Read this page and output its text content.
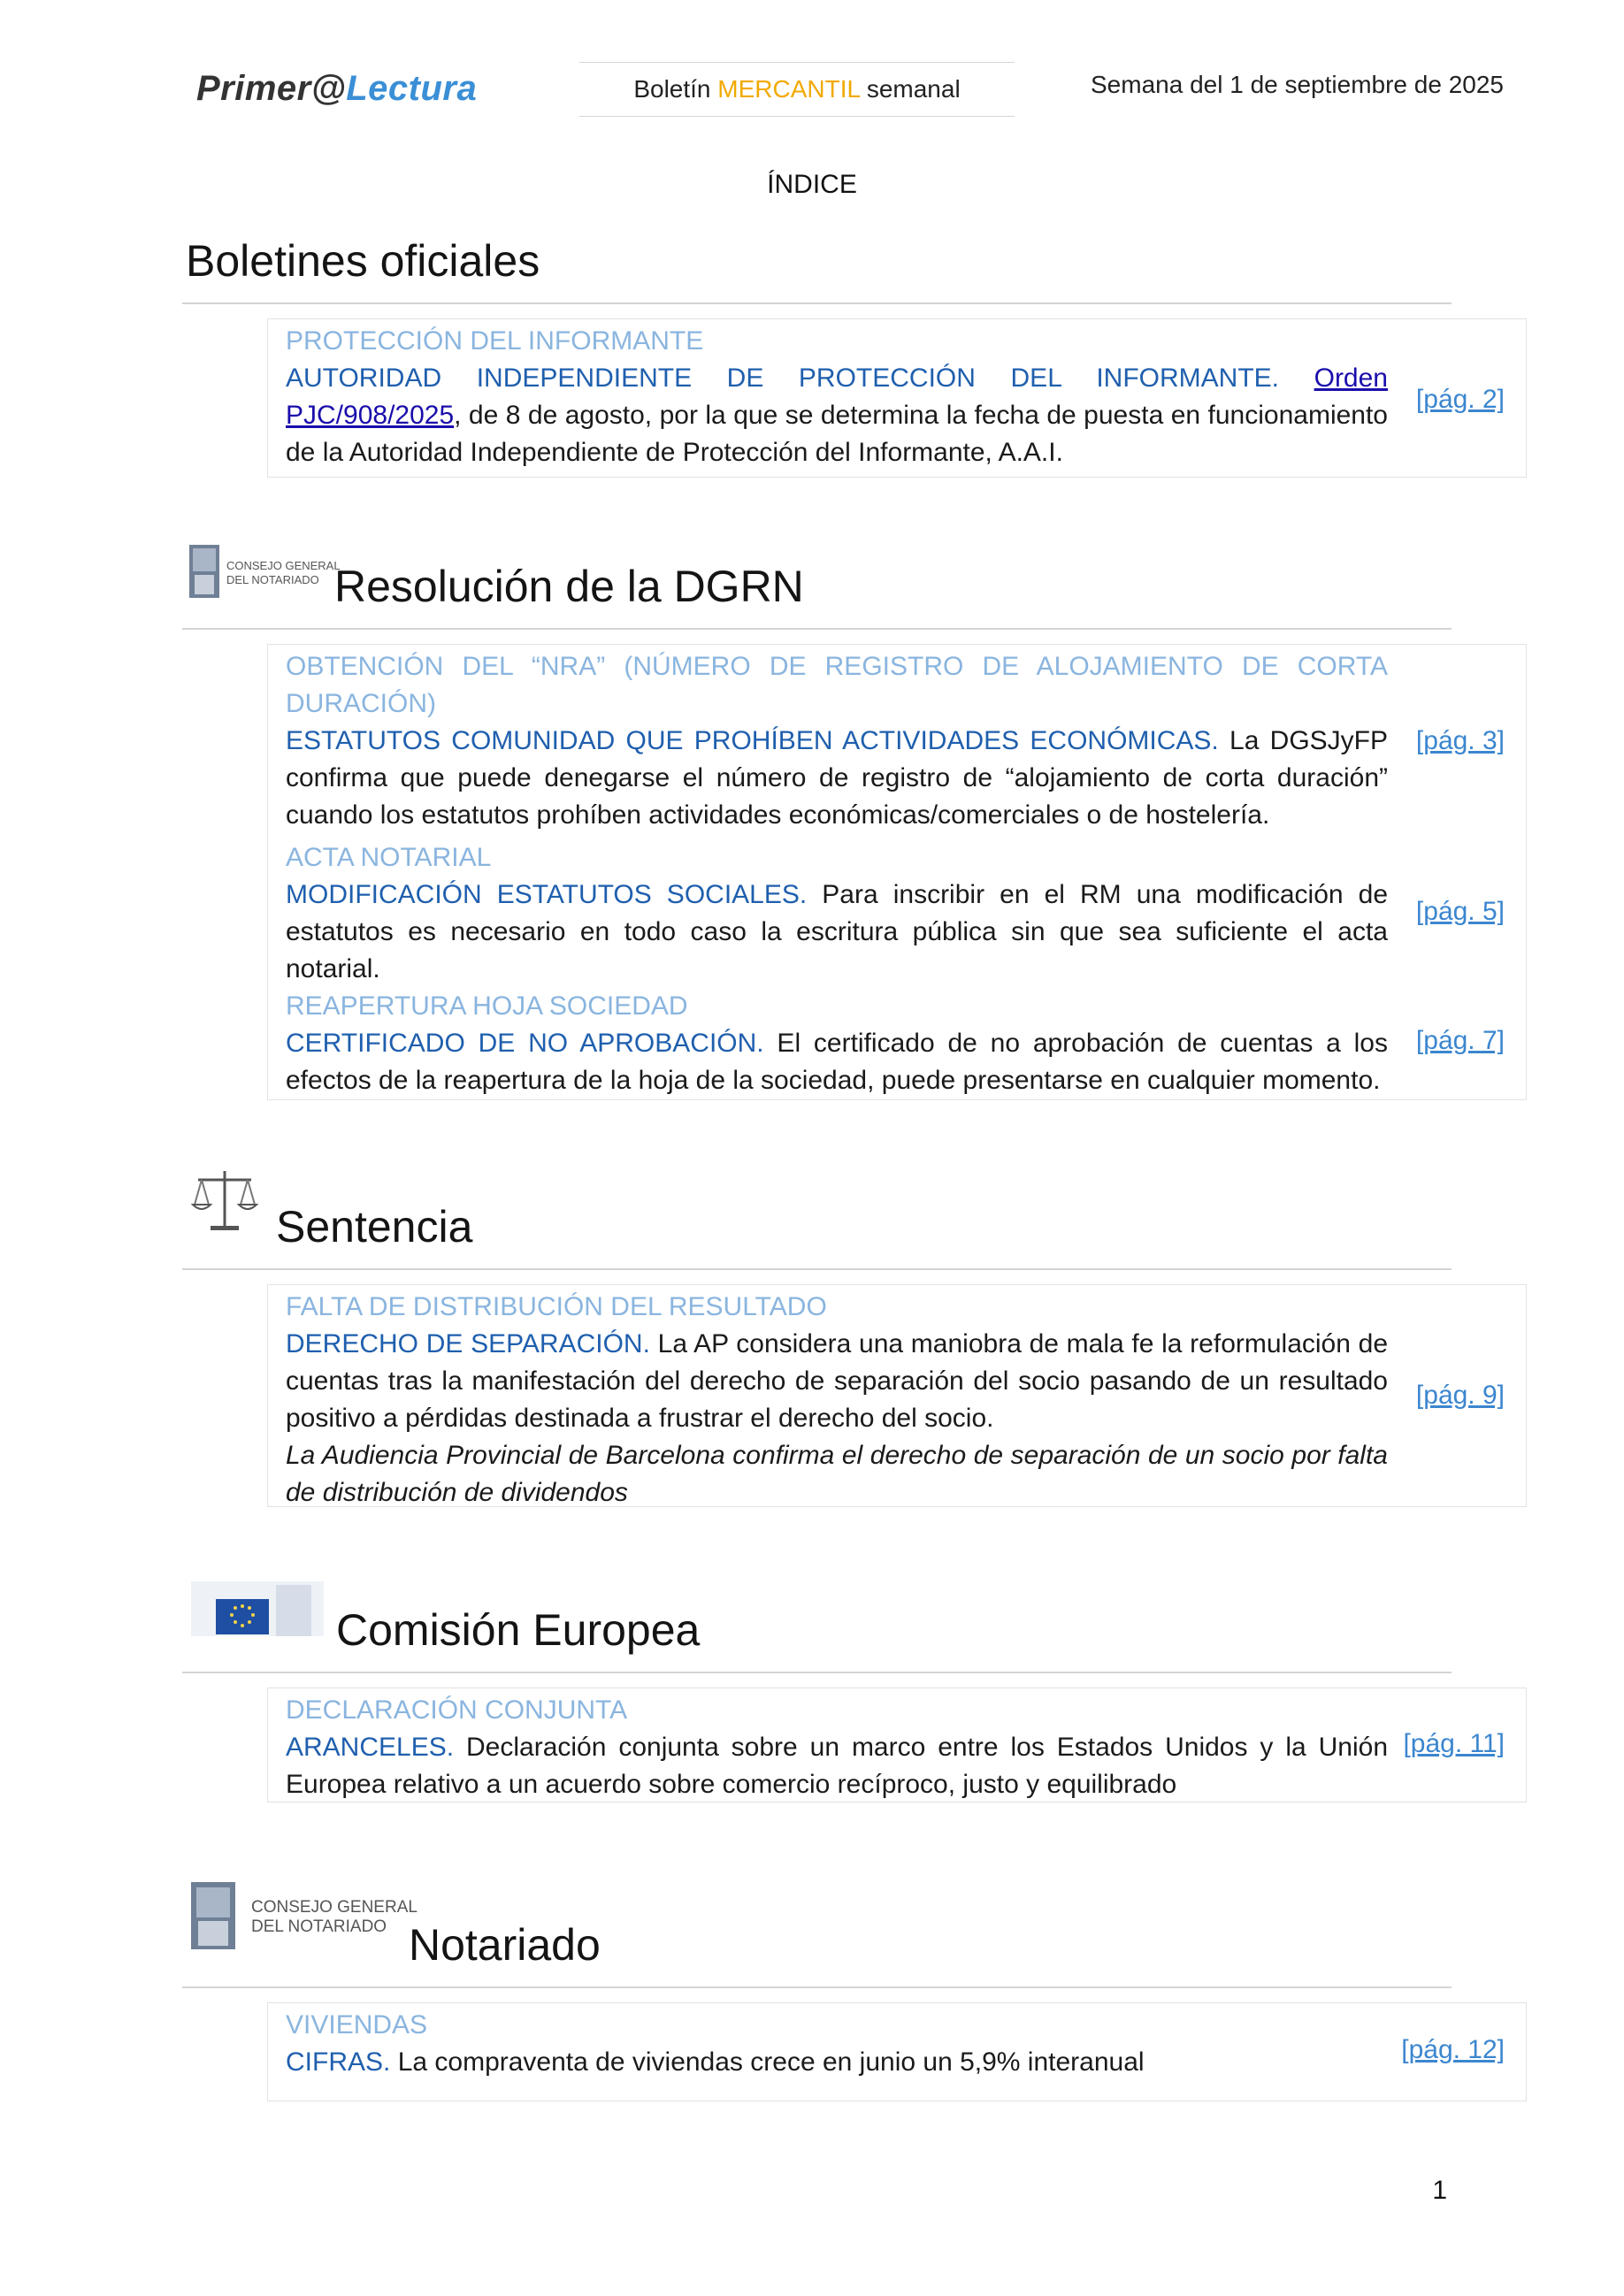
Primer@Lectura	Boletín MERCANTIL semanal	Semana del 1 de septiembre de 2025
ÍNDICE
Boletines oficiales
PROTECCIÓN DEL INFORMANTE
AUTORIDAD INDEPENDIENTE DE PROTECCIÓN DEL INFORMANTE. Orden PJC/908/2025, de 8 de agosto, por la que se determina la fecha de puesta en funcionamiento de la Autoridad Independiente de Protección del Informante, A.A.I.
[pág. 2]
CONSEJO GENERAL
DEL NOTARIADO Resolución de la DGRN
OBTENCIÓN DEL “NRA” (NÚMERO DE REGISTRO DE ALOJAMIENTO DE CORTA DURACIÓN)
ESTATUTOS COMUNIDAD QUE PROHÍBEN ACTIVIDADES ECONÓMICAS. La DGSJyFP confirma que puede denegarse el número de registro de “alojamiento de corta duración” cuando los estatutos prohíben actividades económicas/comerciales o de hostelería.
[pág. 3]
ACTA NOTARIAL
MODIFICACIÓN ESTATUTOS SOCIALES. Para inscribir en el RM una modificación de estatutos es necesario en todo caso la escritura pública sin que sea suficiente el acta notarial.
[pág. 5]
REAPERTURA HOJA SOCIEDAD
CERTIFICADO DE NO APROBACIÓN. El certificado de no aprobación de cuentas a los efectos de la reapertura de la hoja de la sociedad, puede presentarse en cualquier momento.
[pág. 7]
Sentencia
FALTA DE DISTRIBUCIÓN DEL RESULTADO
DERECHO DE SEPARACIÓN. La AP considera una maniobra de mala fe la reformulación de cuentas tras la manifestación del derecho de separación del socio pasando de un resultado positivo a pérdidas destinada a frustrar el derecho del socio.
La Audiencia Provincial de Barcelona confirma el derecho de separación de un socio por falta de distribución de dividendos
[pág. 9]
Comisión Europea
DECLARACIÓN CONJUNTA
ARANCELES. Declaración conjunta sobre un marco entre los Estados Unidos y la Unión Europea relativo a un acuerdo sobre comercio recíproco, justo y equilibrado
[pág. 11]
CONSEJO GENERAL
DEL NOTARIADO Notariado
VIVIENDAS
CIFRAS. La compraventa de viviendas crece en junio un 5,9% interanual	[pág. 12]
1
